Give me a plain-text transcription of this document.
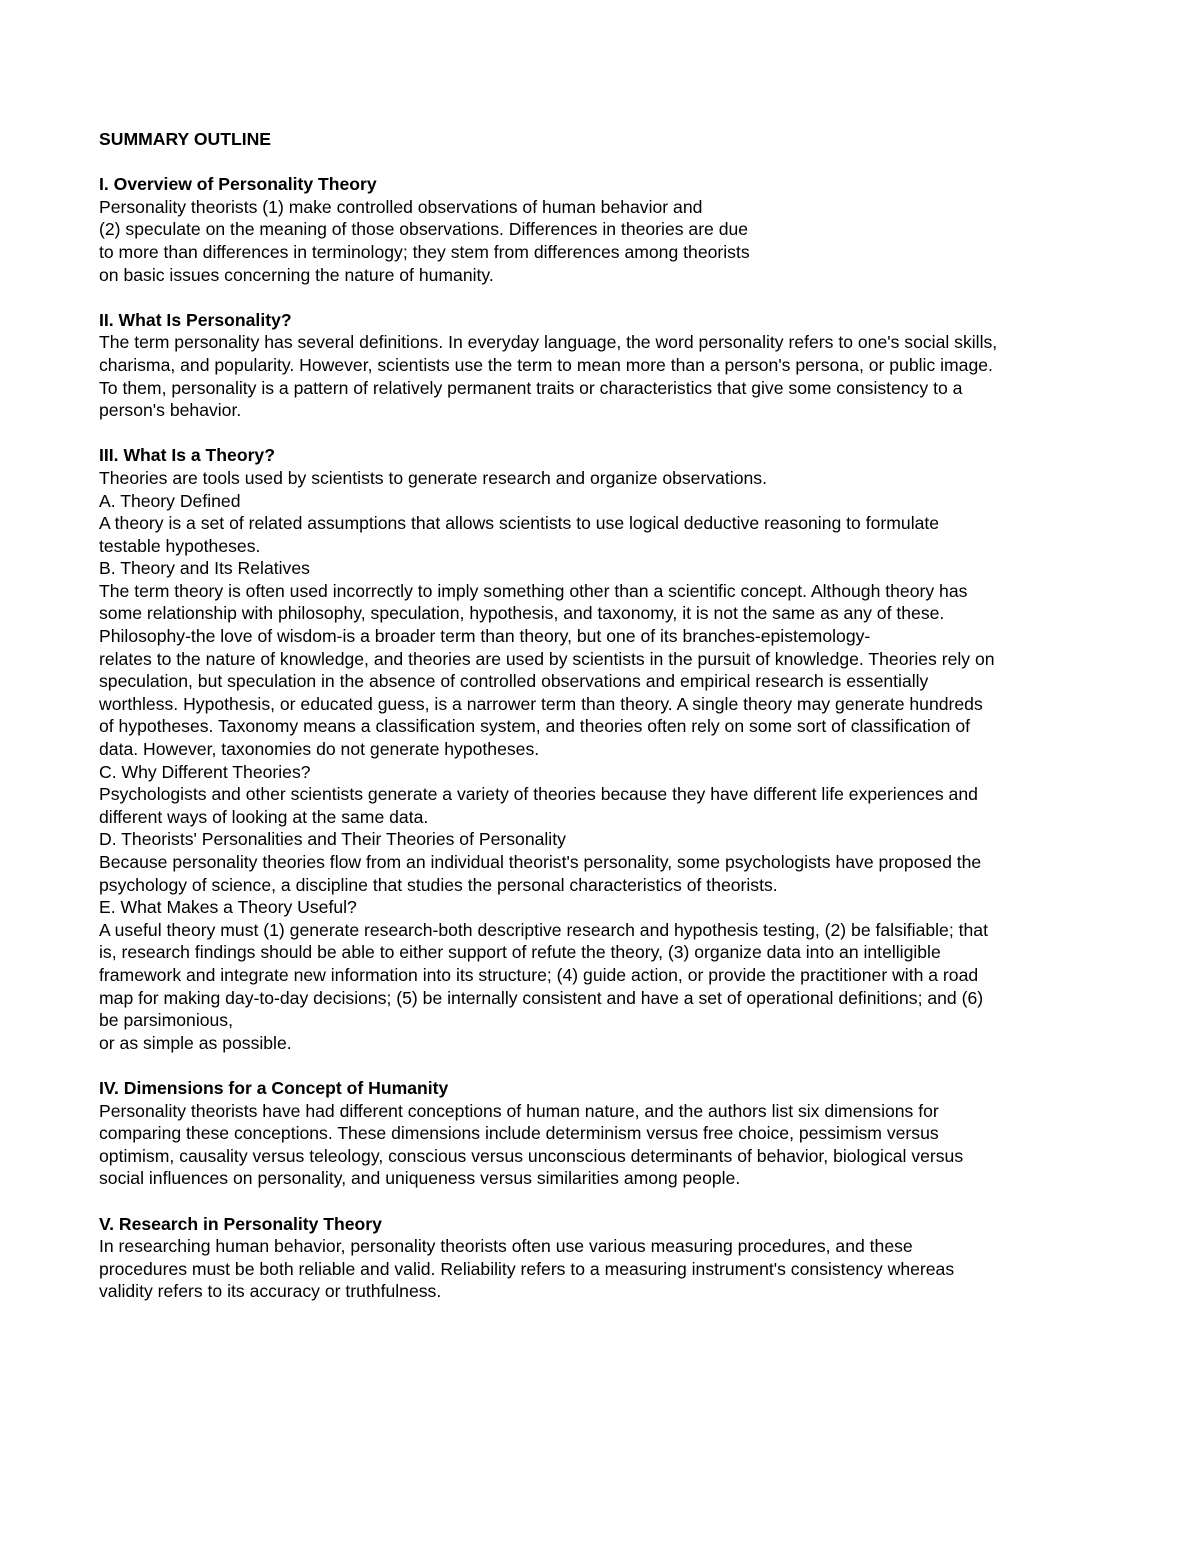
SUMMARY OUTLINE
I. Overview of Personality Theory
Personality theorists (1) make controlled observations of human behavior and
(2) speculate on the meaning of those observations. Differences in theories are due
to more than differences in terminology; they stem from differences among theorists
on basic issues concerning the nature of humanity.
II. What Is Personality?
The term personality has several definitions. In everyday language, the word personality refers to one's social skills,
charisma, and popularity. However, scientists use the term to mean more than a person's persona, or public image.
To them, personality is a pattern of relatively permanent traits or characteristics that give some consistency to a
person's behavior.
III. What Is a Theory?
Theories are tools used by scientists to generate research and organize observations.
A. Theory Defined
A theory is a set of related assumptions that allows scientists to use logical deductive reasoning to formulate
testable hypotheses.
B. Theory and Its Relatives
The term theory is often used incorrectly to imply something other than a scientific concept. Although theory has
some relationship with philosophy, speculation, hypothesis, and taxonomy, it is not the same as any of these.
Philosophy-the love of wisdom-is a broader term than theory, but one of its branches-epistemology-
relates to the nature of knowledge, and theories are used by scientists in the pursuit of knowledge. Theories rely on
speculation, but speculation in the absence of controlled observations and empirical research is essentially
worthless. Hypothesis, or educated guess, is a narrower term than theory. A single theory may generate hundreds
of hypotheses. Taxonomy means a classification system, and theories often rely on some sort of classification of
data. However, taxonomies do not generate hypotheses.
C. Why Different Theories?
Psychologists and other scientists generate a variety of theories because they have different life experiences and
different ways of looking at the same data.
D. Theorists' Personalities and Their Theories of Personality
Because personality theories flow from an individual theorist's personality, some psychologists have proposed the
psychology of science, a discipline that studies the personal characteristics of theorists.
E. What Makes a Theory Useful?
A useful theory must (1) generate research-both descriptive research and hypothesis testing, (2) be falsifiable; that
is, research findings should be able to either support of refute the theory, (3) organize data into an intelligible
framework and integrate new information into its structure; (4) guide action, or provide the practitioner with a road
map for making day-to-day decisions; (5) be internally consistent and have a set of operational definitions; and (6)
be parsimonious,
or as simple as possible.
IV. Dimensions for a Concept of Humanity
Personality theorists have had different conceptions of human nature, and the authors list six dimensions for
comparing these conceptions. These dimensions include determinism versus free choice, pessimism versus
optimism, causality versus teleology, conscious versus unconscious determinants of behavior, biological versus
social influences on personality, and uniqueness versus similarities among people.
V. Research in Personality Theory
In researching human behavior, personality theorists often use various measuring procedures, and these
procedures must be both reliable and valid. Reliability refers to a measuring instrument's consistency whereas
validity refers to its accuracy or truthfulness.
